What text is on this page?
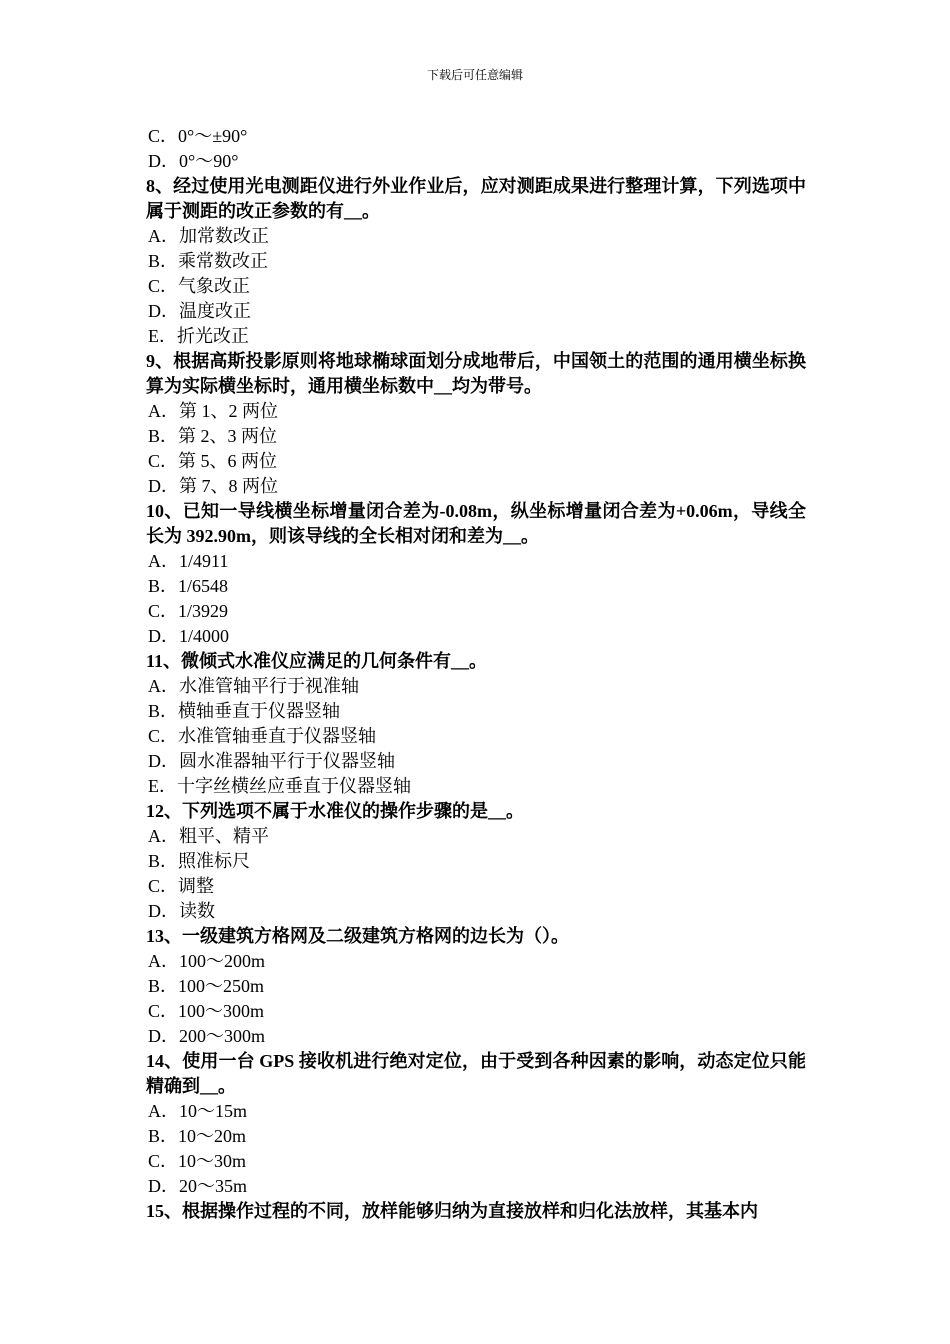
下载后可任意编辑
C．0°～±90°
D．0°～90°
8、经过使用光电测距仪进行外业作业后，应对测距成果进行整理计算，下列选项中属于测距的改正参数的有__。
A．加常数改正
B．乘常数改正
C．气象改正
D．温度改正
E．折光改正
9、根据高斯投影原则将地球椭球面划分成地带后，中国领土的范围的通用横坐标换算为实际横坐标时，通用横坐标数中__均为带号。
A．第 1、2 两位
B．第 2、3 两位
C．第 5、6 两位
D．第 7、8 两位
10、已知一导线横坐标增量闭合差为-0.08m，纵坐标增量闭合差为+0.06m，导线全长为 392.90m，则该导线的全长相对闭和差为__。
A．1/4911
B．1/6548
C．1/3929
D．1/4000
11、微倾式水准仪应满足的几何条件有__。
A．水准管轴平行于视准轴
B．横轴垂直于仪器竖轴
C．水准管轴垂直于仪器竖轴
D．圆水准器轴平行于仪器竖轴
E．十字丝横丝应垂直于仪器竖轴
12、下列选项不属于水准仪的操作步骤的是__。
A．粗平、精平
B．照准标尺
C．调整
D．读数
13、一级建筑方格网及二级建筑方格网的边长为（）。
A．100～200m
B．100～250m
C．100～300m
D．200～300m
14、使用一台 GPS 接收机进行绝对定位，由于受到各种因素的影响，动态定位只能精确到__。
A．10～15m
B．10～20m
C．10～30m
D．20～35m
15、根据操作过程的不同，放样能够归纳为直接放样和归化法放样，其基本内
